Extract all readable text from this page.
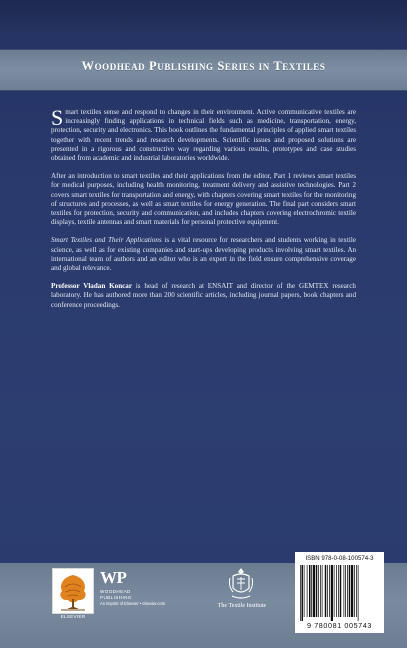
Woodhead Publishing Series in Textiles

Smart textiles sense and respond to changes in their environment. Active communicative textiles are increasingly finding applications in technical fields such as medicine, transportation, energy, protection, security and electronics. This book outlines the fundamental principles of applied smart textiles together with recent trends and research developments. Scientific issues and proposed solutions are presented in a rigorous and constructive way regarding various results, prototypes and case studies obtained from academic and industrial laboratories worldwide.

After an introduction to smart textiles and their applications from the editor, Part 1 reviews smart textiles for medical purposes, including health monitoring, treatment delivery and assistive technologies. Part 2 covers smart textiles for transportation and energy, with chapters covering smart textiles for the monitoring of structures and processes, as well as smart textiles for energy generation. The final part considers smart textiles for protection, security and communication, and includes chapters covering electrochromic textile displays, textile antennas and smart materials for personal protective equipment.

Smart Textiles and Their Applications is a vital resource for researchers and students working in textile science, as well as for existing companies and start-ups developing products involving smart textiles. An international team of authors and an editor who is an expert in the field ensure comprehensive coverage and global relevance.

Professor Vladan Koncar is head of research at ENSAIT and director of the GEMTEX research laboratory. He has authored more than 200 scientific articles, including journal papers, book chapters and conference proceedings.

ELSEVIER
WP
WOODHEAD
PUBLISHING
An imprint of Elsevier • elsevier.com	The Textile Institute
ISBN 978-0-08-100574-3
9 780081 005743
